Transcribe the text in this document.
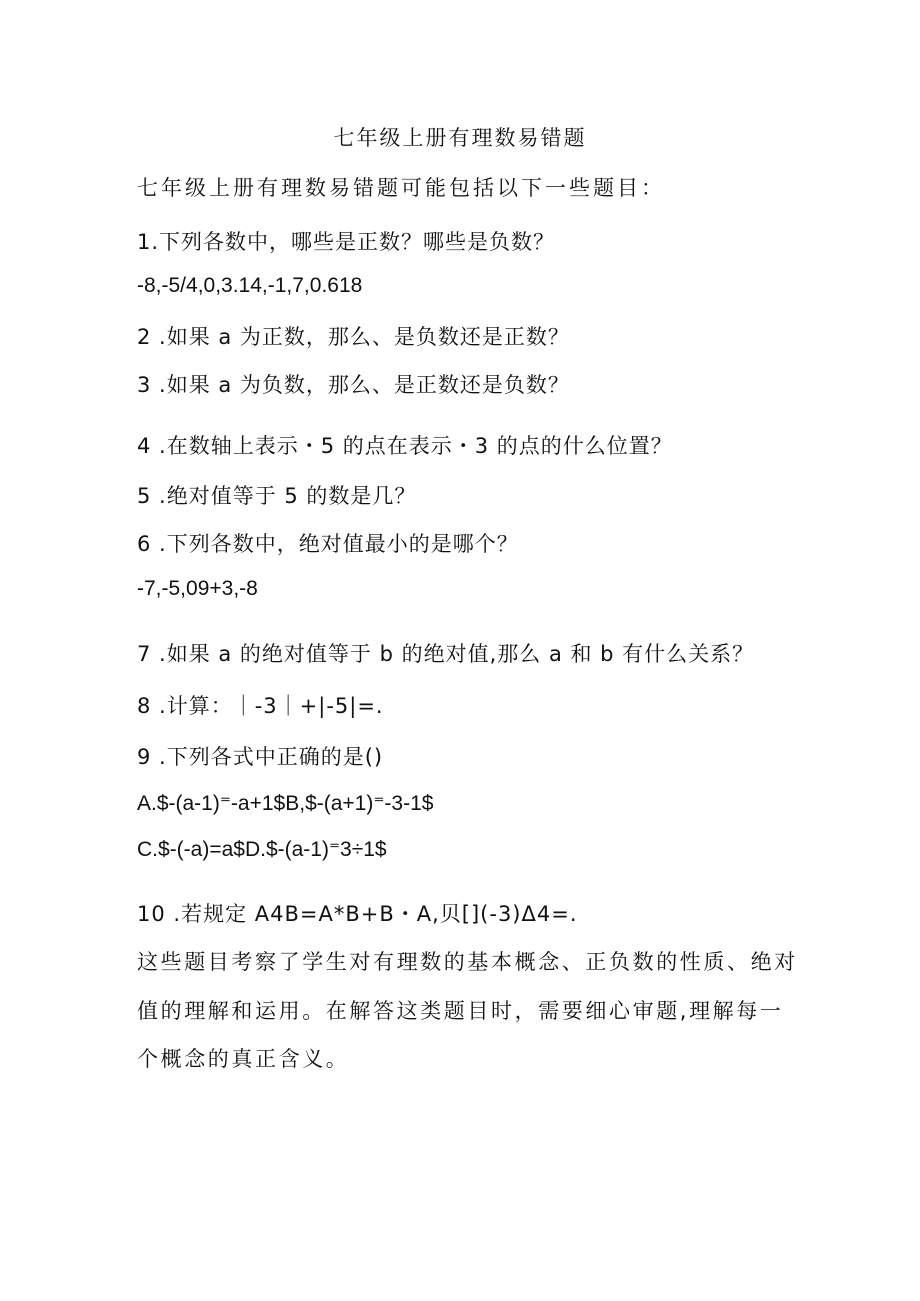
七年级上册有理数易错题
七年级上册有理数易错题可能包括以下一些题目：
1.下列各数中，哪些是正数？哪些是负数？
-8,-5/4,0,3.14,-1,7,0.618
2 .如果 a 为正数，那么、是负数还是正数？
3 .如果 a 为负数，那么、是正数还是负数？
4 .在数轴上表示・5 的点在表示・3 的点的什么位置？
5 .绝对值等于 5 的数是几？
6 .下列各数中，绝对值最小的是哪个？
-7,-5,09+3,-8
7 .如果 a 的绝对值等于 b 的绝对值,那么 a 和 b 有什么关系？
8 .计算：｜-3｜+|-5|=.
9 .下列各式中正确的是()
A.$-(a-1)⁼-a+1$B,$-(a+1)⁼-3-1$
C.$-(-a)=a$D.$-(a-1)⁼3÷1$
10 .若规定 A4B=A*B+B・A,贝[](-3)Δ4=.
这些题目考察了学生对有理数的基本概念、正负数的性质、绝对
值的理解和运用。在解答这类题目时，需要细心审题,理解每一
个概念的真正含义。
